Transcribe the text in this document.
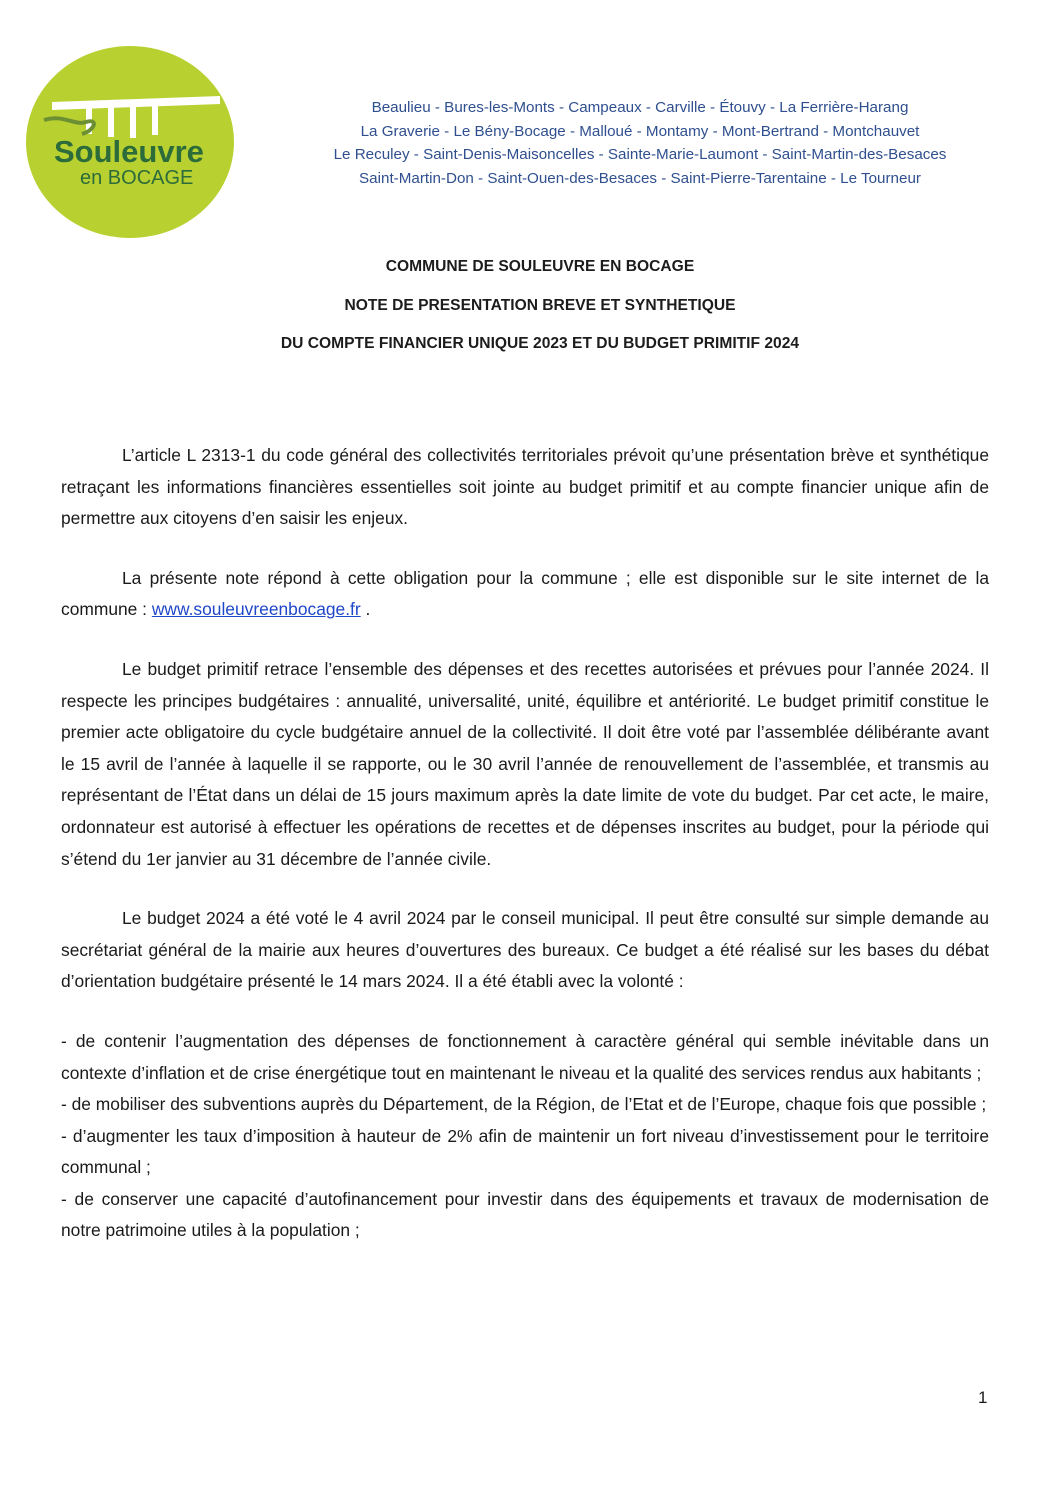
Souleuvre
en BOCAGE
Beaulieu - Bures-les-Monts - Campeaux - Carville - Étouvy - La Ferrière-Harang
La Graverie - Le Bény-Bocage - Malloué - Montamy - Mont-Bertrand - Montchauvet
Le Reculey - Saint-Denis-Maisoncelles - Sainte-Marie-Laumont - Saint-Martin-des-Besaces
Saint-Martin-Don - Saint-Ouen-des-Besaces - Saint-Pierre-Tarentaine - Le Tourneur
COMMUNE DE SOULEUVRE EN BOCAGE
NOTE DE PRESENTATION BREVE ET SYNTHETIQUE
DU COMPTE FINANCIER UNIQUE 2023 ET DU BUDGET PRIMITIF 2024

L’article L 2313-1 du code général des collectivités territoriales prévoit qu’une présentation brève et synthétique retraçant les informations financières essentielles soit jointe au budget primitif et au compte financier unique afin de permettre aux citoyens d’en saisir les enjeux.

La présente note répond à cette obligation pour la commune ; elle est disponible sur le site internet de la commune : www.souleuvreenbocage.fr .

Le budget primitif retrace l’ensemble des dépenses et des recettes autorisées et prévues pour l’année 2024. Il respecte les principes budgétaires : annualité, universalité, unité, équilibre et antériorité. Le budget primitif constitue le premier acte obligatoire du cycle budgétaire annuel de la collectivité. Il doit être voté par l’assemblée délibérante avant le 15 avril de l’année à laquelle il se rapporte, ou le 30 avril l’année de renouvellement de l’assemblée, et transmis au représentant de l’État dans un délai de 15 jours maximum après la date limite de vote du budget. Par cet acte, le maire, ordonnateur est autorisé à effectuer les opérations de recettes et de dépenses inscrites au budget, pour la période qui s’étend du 1er janvier au 31 décembre de l’année civile.

Le budget 2024 a été voté le 4 avril 2024 par le conseil municipal. Il peut être consulté sur simple demande au secrétariat général de la mairie aux heures d’ouvertures des bureaux. Ce budget a été réalisé sur les bases du débat d’orientation budgétaire présenté le 14 mars 2024. Il a été établi avec la volonté :

- de contenir l’augmentation des dépenses de fonctionnement à caractère général qui semble inévitable dans un contexte d’inflation et de crise énergétique tout en maintenant le niveau et la qualité des services rendus aux habitants ;

- de mobiliser des subventions auprès du Département, de la Région, de l’Etat et de l’Europe, chaque fois que possible ;

- d’augmenter les taux d’imposition à hauteur de 2% afin de maintenir un fort niveau d’investissement pour le territoire communal ;

- de conserver une capacité d’autofinancement pour investir dans des équipements et travaux de modernisation de notre patrimoine utiles à la population ;

1
